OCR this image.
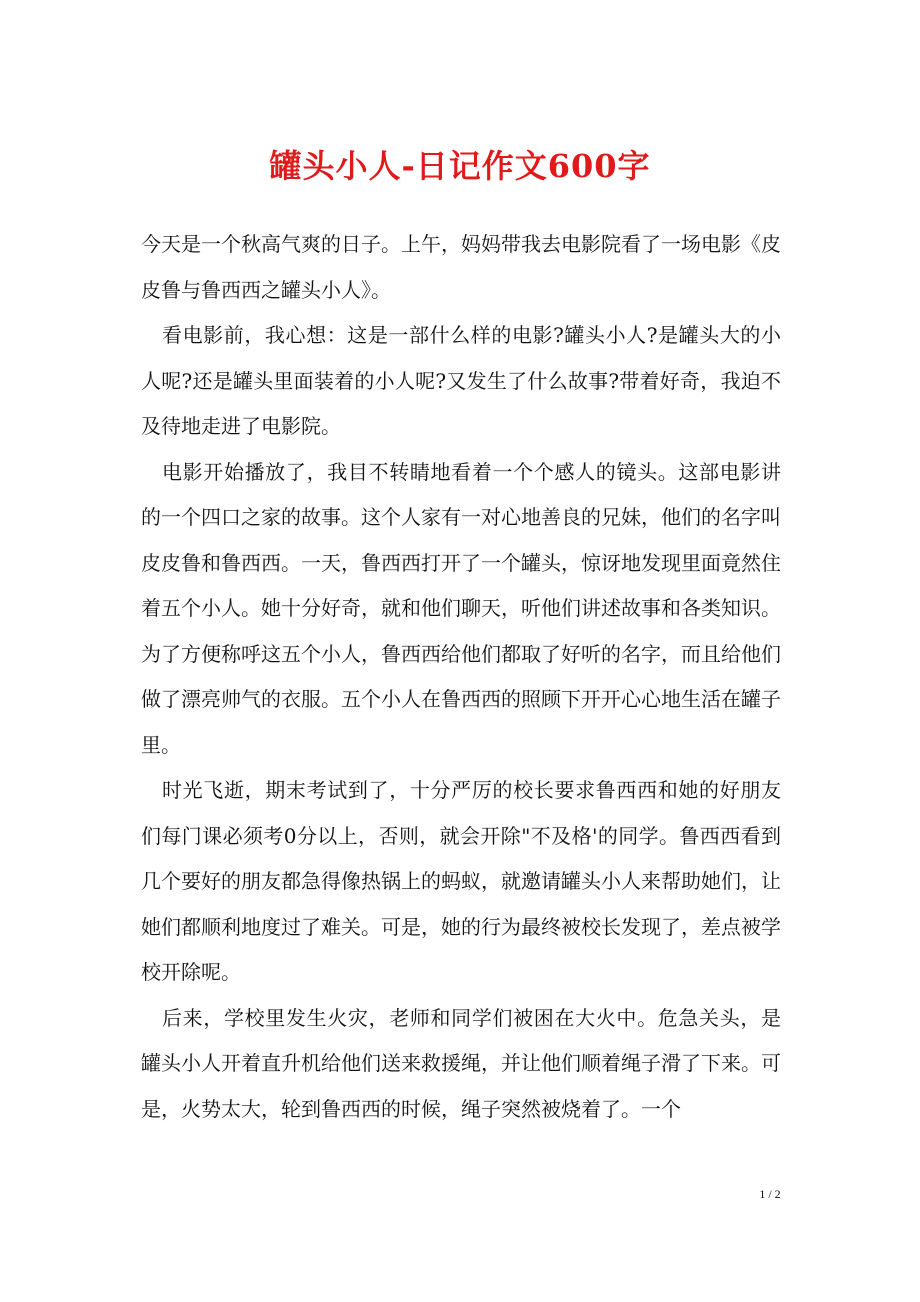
罐头小人-日记作文600字

今天是一个秋高气爽的日子。上午，妈妈带我去电影院看了一场电影《皮皮鲁与鲁西西之罐头小人》。

看电影前，我心想：这是一部什么样的电影?罐头小人?是罐头大的小人呢?还是罐头里面装着的小人呢?又发生了什么故事?带着好奇，我迫不及待地走进了电影院。

电影开始播放了，我目不转睛地看着一个个感人的镜头。这部电影讲的一个四口之家的故事。这个人家有一对心地善良的兄妹，他们的名字叫皮皮鲁和鲁西西。一天，鲁西西打开了一个罐头，惊讶地发现里面竟然住着五个小人。她十分好奇，就和他们聊天，听他们讲述故事和各类知识。为了方便称呼这五个小人，鲁西西给他们都取了好听的名字，而且给他们做了漂亮帅气的衣服。五个小人在鲁西西的照顾下开开心心地生活在罐子里。

时光飞逝，期末考试到了，十分严厉的校长要求鲁西西和她的好朋友们每门课必须考0分以上，否则，就会开除"不及格'的同学。鲁西西看到几个要好的朋友都急得像热锅上的蚂蚁，就邀请罐头小人来帮助她们，让她们都顺利地度过了难关。可是，她的行为最终被校长发现了，差点被学校开除呢。

后来，学校里发生火灾，老师和同学们被困在大火中。危急关头，是罐头小人开着直升机给他们送来救援绳，并让他们顺着绳子滑了下来。可是，火势太大，轮到鲁西西的时候，绳子突然被烧着了。一个

1 / 2
